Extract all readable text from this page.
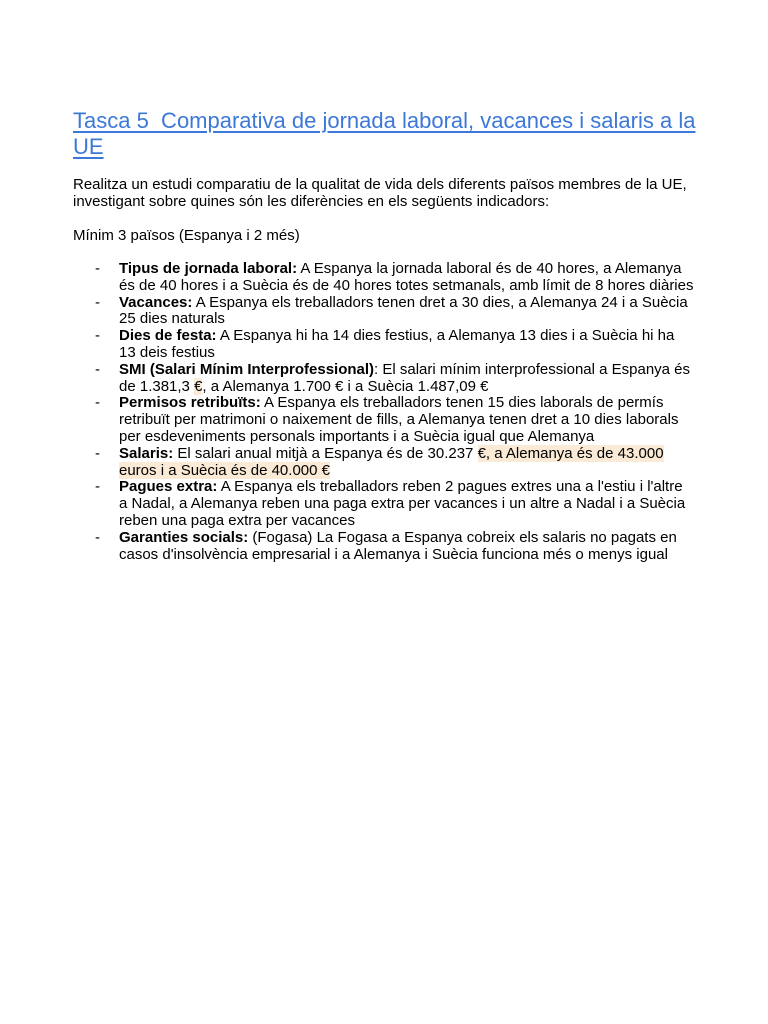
Tasca 5_Comparativa de jornada laboral, vacances i salaris a la UE

Realitza un estudi comparatiu de la qualitat de vida dels diferents països membres de la UE, investigant sobre quines són les diferències en els següents indicadors:

Mínim 3 països (Espanya i 2 més)

- Tipus de jornada laboral: A Espanya la jornada laboral és de 40 hores, a Alemanya és de 40 hores i a Suècia és de 40 hores totes setmanals, amb límit de 8 hores diàries
- Vacances: A Espanya els treballadors tenen dret a 30 dies, a Alemanya 24 i a Suècia 25 dies naturals
- Dies de festa: A Espanya hi ha 14 dies festius, a Alemanya 13 dies i a Suècia hi ha 13 deis festius
- SMI (Salari Mínim Interprofessional): El salari mínim interprofessional a Espanya és de 1.381,3 €, a Alemanya 1.700 € i a Suècia 1.487,09 €
- Permisos retribuïts: A Espanya els treballadors tenen 15 dies laborals de permís retribuït per matrimoni o naixement de fills, a Alemanya tenen dret a 10 dies laborals per esdeveniments personals importants i a Suècia igual que Alemanya
- Salaris: El salari anual mitjà a Espanya és de 30.237 €, a Alemanya és de 43.000 euros i a Suècia és de 40.000 €
- Pagues extra: A Espanya els treballadors reben 2 pagues extres una a l'estiu i l'altre a Nadal, a Alemanya reben una paga extra per vacances i un altre a Nadal i a Suècia reben una paga extra per vacances
- Garanties socials: (Fogasa) La Fogasa a Espanya cobreix els salaris no pagats en casos d'insolvència empresarial i a Alemanya i Suècia funciona més o menys igual
